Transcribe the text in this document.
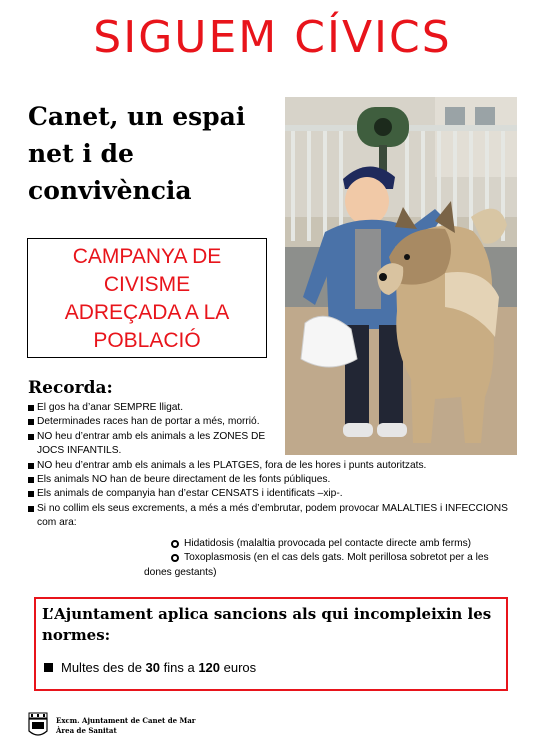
SIGUEM CÍVICS
Canet, un espai net i de convivència
CAMPANYA DE
CIVISME
ADREÇADA A LA
POBLACIÓ
Recorda:
El gos ha d’anar SEMPRE lligat.
Determinades races han de portar a més, morrió.
NO heu d’entrar amb els animals a les ZONES DE JOCS INFANTILS.
NO heu d’entrar amb els animals a les PLATGES, fora de les hores i punts autoritzats.
Els animals NO han de beure directament de les fonts públiques.
Els animals de companyia han d’estar CENSATS i identificats –xip-.
Si no collim els seus excrements, a més a més d’embrutar, podem provocar MALALTIES i INFECCIONS com ara:
Hidatidosis (malaltia provocada pel contacte directe amb ferms)
Toxoplasmosis (en el cas dels gats. Molt perillosa sobretot per a les dones gestants)
L’Ajuntament aplica sancions als qui incompleixin les normes:
Multes des de 30 fins a 120 euros
Excm. Ajuntament de Canet de Mar
Àrea de Sanitat
